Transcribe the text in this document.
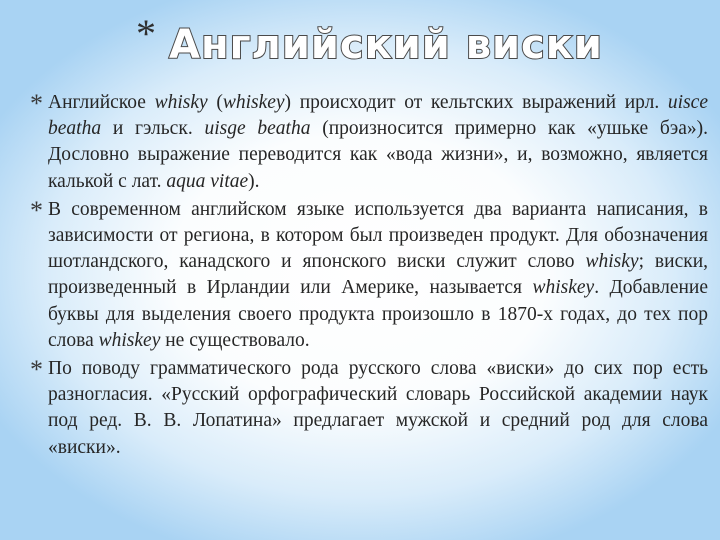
* Английский виски
* Английское whisky (whiskey) происходит от кельтских выражений ирл. uisce beatha и гэльск. uisge beatha (произносится примерно как «ушьке бэа»). Дословно выражение переводится как «вода жизни», и, возможно, является калькой с лат. aqua vitae).
* В современном английском языке используется два варианта написания, в зависимости от региона, в котором был произведен продукт. Для обозначения шотландского, канадского и японского виски служит слово whisky; виски, произведенный в Ирландии или Америке, называется whiskey. Добавление буквы для выделения своего продукта произошло в 1870-х годах, до тех пор слова whiskey не существовало.
* По поводу грамматического рода русского слова «виски» до сих пор есть разногласия. «Русский орфографический словарь Российской академии наук под ред. В. В. Лопатина» предлагает мужской и средний род для слова «виски».
